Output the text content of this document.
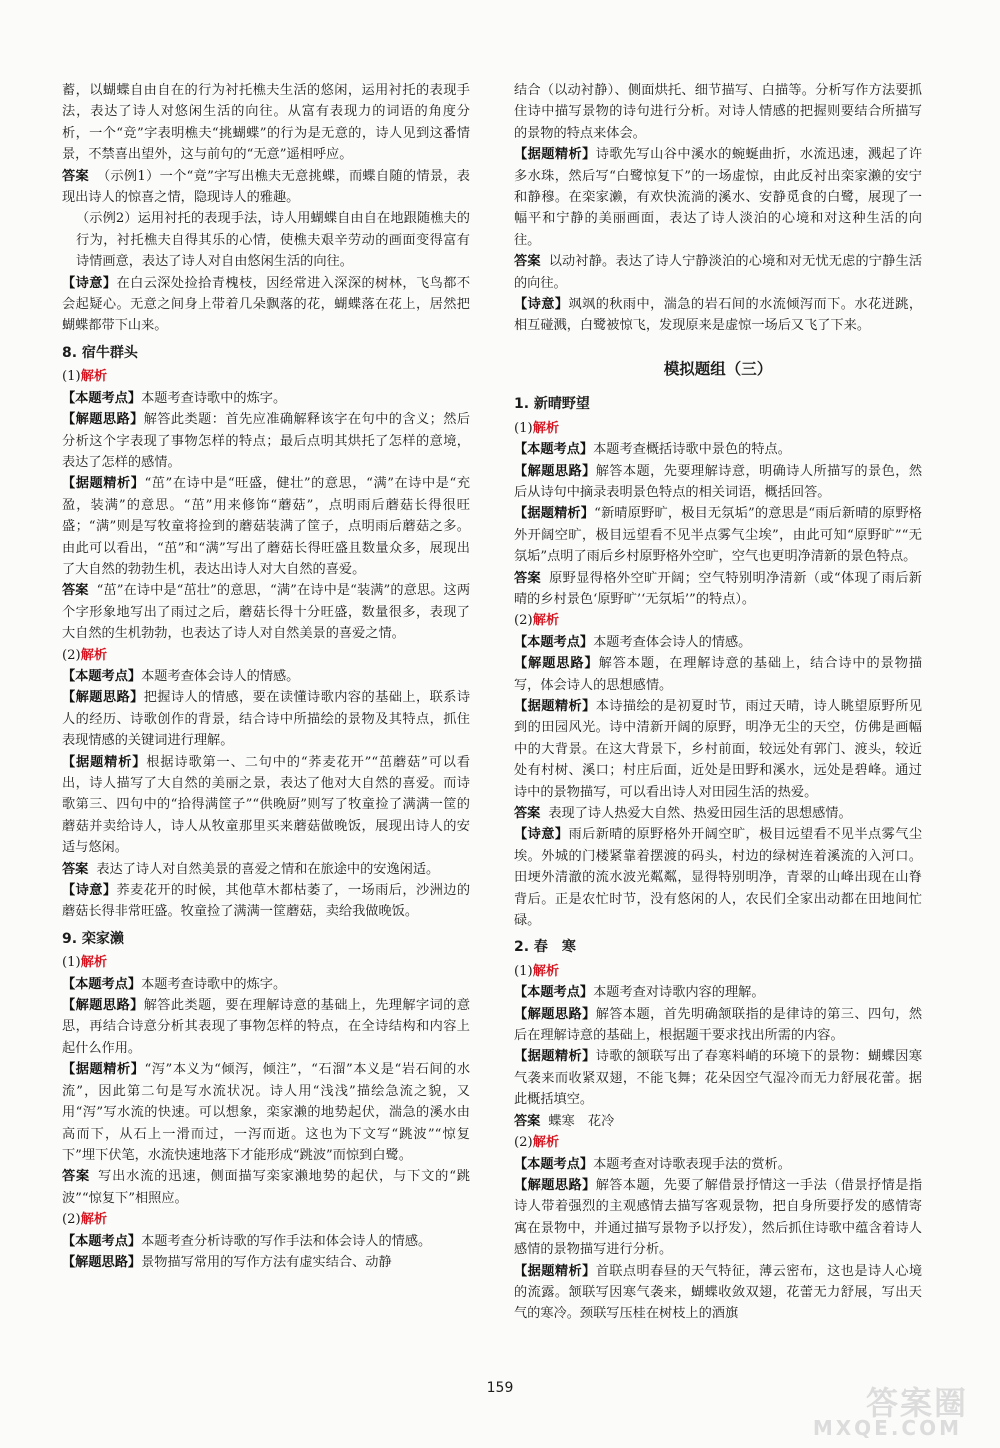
蓄，以蝴蝶自由自在的行为衬托樵夫生活的悠闲，运用衬托的表现手法，表达了诗人对悠闲生活的向往。从富有表现力的词语的角度分析，一个“竞”字表明樵夫“挑蝴蝶”的行为是无意的，诗人见到这番情景，不禁喜出望外，这与前句的“无意”遥相呼应。

答案 （示例1）一个“竟”字写出樵夫无意挑蝶，而蝶自随的情景，表现出诗人的惊喜之情，隐现诗人的雅趣。

（示例2）运用衬托的表现手法，诗人用蝴蝶自由自在地跟随樵夫的行为，衬托樵夫自得其乐的心情，使樵夫艰辛劳动的画面变得富有诗情画意，表达了诗人对自由悠闲生活的向往。

【诗意】在白云深处捡拾青槐枝，因经常进入深深的树林，飞鸟都不会起疑心。无意之间身上带着几朵飘落的花，蝴蝶落在花上，居然把蝴蝶都带下山来。

8. 宿牛群头

(1)解析

【本题考点】本题考查诗歌中的炼字。

【解题思路】解答此类题：首先应准确解释该字在句中的含义；然后分析这个字表现了事物怎样的特点；最后点明其烘托了怎样的意境，表达了怎样的感情。

【据题精析】“茁”在诗中是“旺盛，健壮”的意思，“满”在诗中是“充盈，装满”的意思。“茁”用来修饰“蘑菇”，点明雨后蘑菇长得很旺盛；“满”则是写牧童将捡到的蘑菇装满了筐子，点明雨后蘑菇之多。由此可以看出，“茁”和“满”写出了蘑菇长得旺盛且数量众多，展现出了大自然的勃勃生机，表达出诗人对大自然的喜爱。

答案 “茁”在诗中是“茁壮”的意思，“满”在诗中是“装满”的意思。这两个字形象地写出了雨过之后，蘑菇长得十分旺盛，数量很多，表现了大自然的生机勃勃，也表达了诗人对自然美景的喜爱之情。

(2)解析

【本题考点】本题考查体会诗人的情感。

【解题思路】把握诗人的情感，要在读懂诗歌内容的基础上，联系诗人的经历、诗歌创作的背景，结合诗中所描绘的景物及其特点，抓住表现情感的关键词进行理解。

【据题精析】根据诗歌第一、二句中的“荞麦花开”“茁蘑菇”可以看出，诗人描写了大自然的美丽之景，表达了他对大自然的喜爱。而诗歌第三、四句中的“拾得满筐子”“供晚厨”则写了牧童捡了满满一筐的蘑菇并卖给诗人，诗人从牧童那里买来蘑菇做晚饭，展现出诗人的安适与悠闲。

答案 表达了诗人对自然美景的喜爱之情和在旅途中的安逸闲适。

【诗意】荞麦花开的时候，其他草木都枯萎了，一场雨后，沙洲边的蘑菇长得非常旺盛。牧童捡了满满一筐蘑菇，卖给我做晚饭。

9. 栾家濑

(1)解析

【本题考点】本题考查诗歌中的炼字。

【解题思路】解答此类题，要在理解诗意的基础上，先理解字词的意思，再结合诗意分析其表现了事物怎样的特点，在全诗结构和内容上起什么作用。

【据题精析】“泻”本义为“倾泻，倾注”，“石溜”本义是“岩石间的水流”，因此第二句是写水流状况。诗人用“浅浅”描绘急流之貌，又用“泻”写水流的快速。可以想象，栾家濑的地势起伏，湍急的溪水由高而下，从石上一滑而过，一泻而逝。这也为下文写“跳波”“惊复下”埋下伏笔，水流快速地落下才能形成“跳波”而惊到白鹭。

答案 写出水流的迅速，侧面描写栾家濑地势的起伏，与下文的“跳波”“惊复下”相照应。

(2)解析

【本题考点】本题考查分析诗歌的写作手法和体会诗人的情感。

【解题思路】景物描写常用的写作方法有虚实结合、动静

结合（以动衬静）、侧面烘托、细节描写、白描等。分析写作方法要抓住诗中描写景物的诗句进行分析。对诗人情感的把握则要结合所描写的景物的特点来体会。

【据题精析】诗歌先写山谷中溪水的蜿蜒曲折，水流迅速，溅起了许多水珠，然后写“白鹭惊复下”的一场虚惊，由此反衬出栾家濑的安宁和静穆。在栾家濑，有欢快流淌的溪水、安静觅食的白鹭，展现了一幅平和宁静的美丽画面，表达了诗人淡泊的心境和对这种生活的向往。

答案 以动衬静。表达了诗人宁静淡泊的心境和对无忧无虑的宁静生活的向往。

【诗意】飒飒的秋雨中，湍急的岩石间的水流倾泻而下。水花迸跳，相互碰溅，白鹭被惊飞，发现原来是虚惊一场后又飞了下来。

模拟题组（三）
1. 新晴野望

(1)解析

【本题考点】本题考查概括诗歌中景色的特点。

【解题思路】解答本题，先要理解诗意，明确诗人所描写的景色，然后从诗句中摘录表明景色特点的相关词语，概括回答。

【据题精析】“新晴原野旷，极目无氛垢”的意思是“雨后新晴的原野格外开阔空旷，极目远望看不见半点雾气尘埃”，由此可知“原野旷”“无氛垢”点明了雨后乡村原野格外空旷，空气也更明净清新的景色特点。

答案 原野显得格外空旷开阔；空气特别明净清新（或“体现了雨后新晴的乡村景色‘原野旷’‘无氛垢’”的特点）。

(2)解析

【本题考点】本题考查体会诗人的情感。

【解题思路】解答本题，在理解诗意的基础上，结合诗中的景物描写，体会诗人的思想感情。

【据题精析】本诗描绘的是初夏时节，雨过天晴，诗人眺望原野所见到的田园风光。诗中清新开阔的原野，明净无尘的天空，仿佛是画幅中的大背景。在这大背景下，乡村前面，较远处有郭门、渡头，较近处有村树、溪口；村庄后面，近处是田野和溪水，远处是碧峰。通过诗中的景物描写，可以看出诗人对田园生活的热爱。

答案 表现了诗人热爱大自然、热爱田园生活的思想感情。

【诗意】雨后新晴的原野格外开阔空旷，极目远望看不见半点雾气尘埃。外城的门楼紧靠着摆渡的码头，村边的绿树连着溪流的入河口。田埂外清澈的流水波光粼粼，显得特别明净，青翠的山峰出现在山脊背后。正是农忙时节，没有悠闲的人，农民们全家出动都在田地间忙碌。

2. 春　寒

(1)解析

【本题考点】本题考查对诗歌内容的理解。

【解题思路】解答本题，首先明确颔联指的是律诗的第三、四句，然后在理解诗意的基础上，根据题干要求找出所需的内容。

【据题精析】诗歌的颔联写出了春寒料峭的环境下的景物：蝴蝶因寒气袭来而收紧双翅，不能飞舞；花朵因空气湿冷而无力舒展花蕾。据此概括填空。

答案 蝶寒　花冷

(2)解析

【本题考点】本题考查对诗歌表现手法的赏析。

【解题思路】解答本题，先要了解借景抒情这一手法（借景抒情是指诗人带着强烈的主观感情去描写客观景物，把自身所要抒发的感情寄寓在景物中，并通过描写景物予以抒发），然后抓住诗歌中蕴含着诗人感情的景物描写进行分析。

【据题精析】首联点明春昼的天气特征，薄云密布，这也是诗人心境的流露。颔联写因寒气袭来，蝴蝶收敛双翅，花蕾无力舒展，写出天气的寒冷。颈联写压桂在树枝上的酒旗

159	答案圈
MXQE.COM
